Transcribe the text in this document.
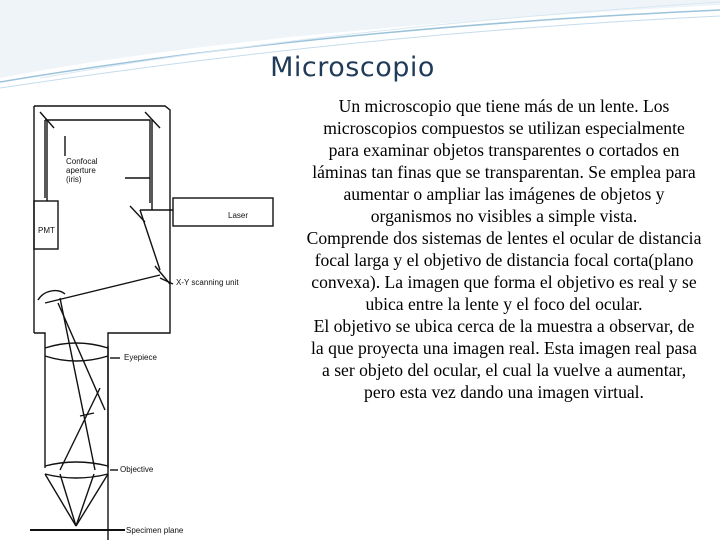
Microscopio
Confocal
aperture
(iris)
Laser
PMT
X-Y scanning unit
Eyepiece
Objective
Specimen plane

Un microscopio que tiene más de un lente. Los microscopios compuestos se utilizan especialmente para examinar objetos transparentes o cortados en láminas tan finas que se transparentan. Se emplea para aumentar o ampliar las imágenes de objetos y organismos no visibles a simple vista.

Comprende dos sistemas de lentes el ocular de distancia focal larga y el objetivo de distancia focal corta(plano convexa). La imagen que forma el objetivo es real y se ubica entre la lente y el foco del ocular.

El objetivo se ubica cerca de la muestra a observar, de la que proyecta una imagen real. Esta imagen real pasa a ser objeto del ocular, el cual la vuelve a aumentar, pero esta vez dando una imagen virtual.
